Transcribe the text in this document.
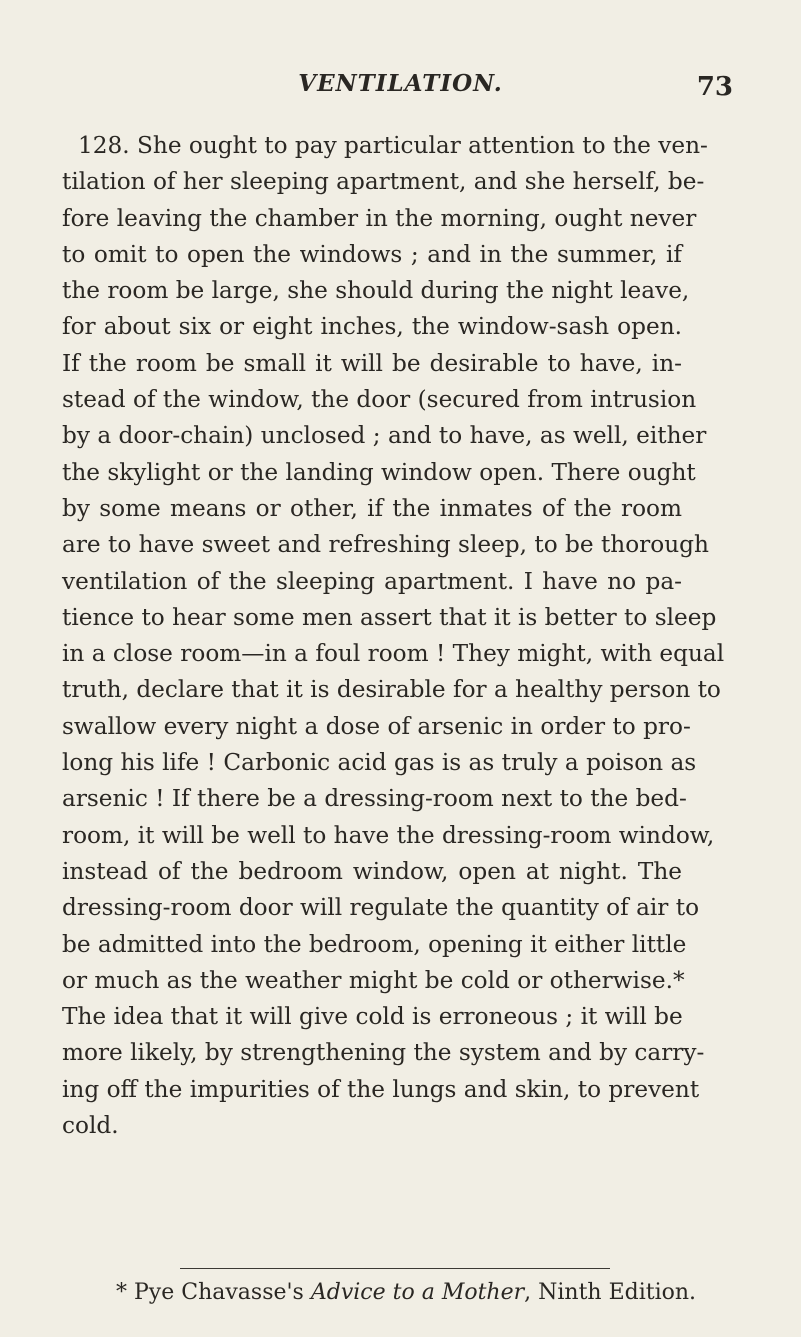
VENTILATION.	73
128. She ought to pay particular attention to the ven-
tilation of her sleeping apartment, and she herself, be-
fore leaving the chamber in the morning, ought never
to omit to open the windows ; and in the summer, if
the room be large, she should during the night leave,
for about six or eight inches, the window-sash open.
If the room be small it will be desirable to have, in-
stead of the window, the door (secured from intrusion
by a door-chain) unclosed ; and to have, as well, either
the skylight or the landing window open. There ought
by some means or other, if the inmates of the room
are to have sweet and refreshing sleep, to be thorough
ventilation of the sleeping apartment. I have no pa-
tience to hear some men assert that it is better to sleep
in a close room—in a foul room ! They might, with equal
truth, declare that it is desirable for a healthy person to
swallow every night a dose of arsenic in order to pro-
long his life ! Carbonic acid gas is as truly a poison as
arsenic ! If there be a dressing-room next to the bed-
room, it will be well to have the dressing-room window,
instead of the bedroom window, open at night. The
dressing-room door will regulate the quantity of air to
be admitted into the bedroom, opening it either little
or much as the weather might be cold or otherwise.*
The idea that it will give cold is erroneous ; it will be
more likely, by strengthening the system and by carry-
ing off the impurities of the lungs and skin, to prevent
cold.
* Pye Chavasse's Advice to a Mother, Ninth Edition.
